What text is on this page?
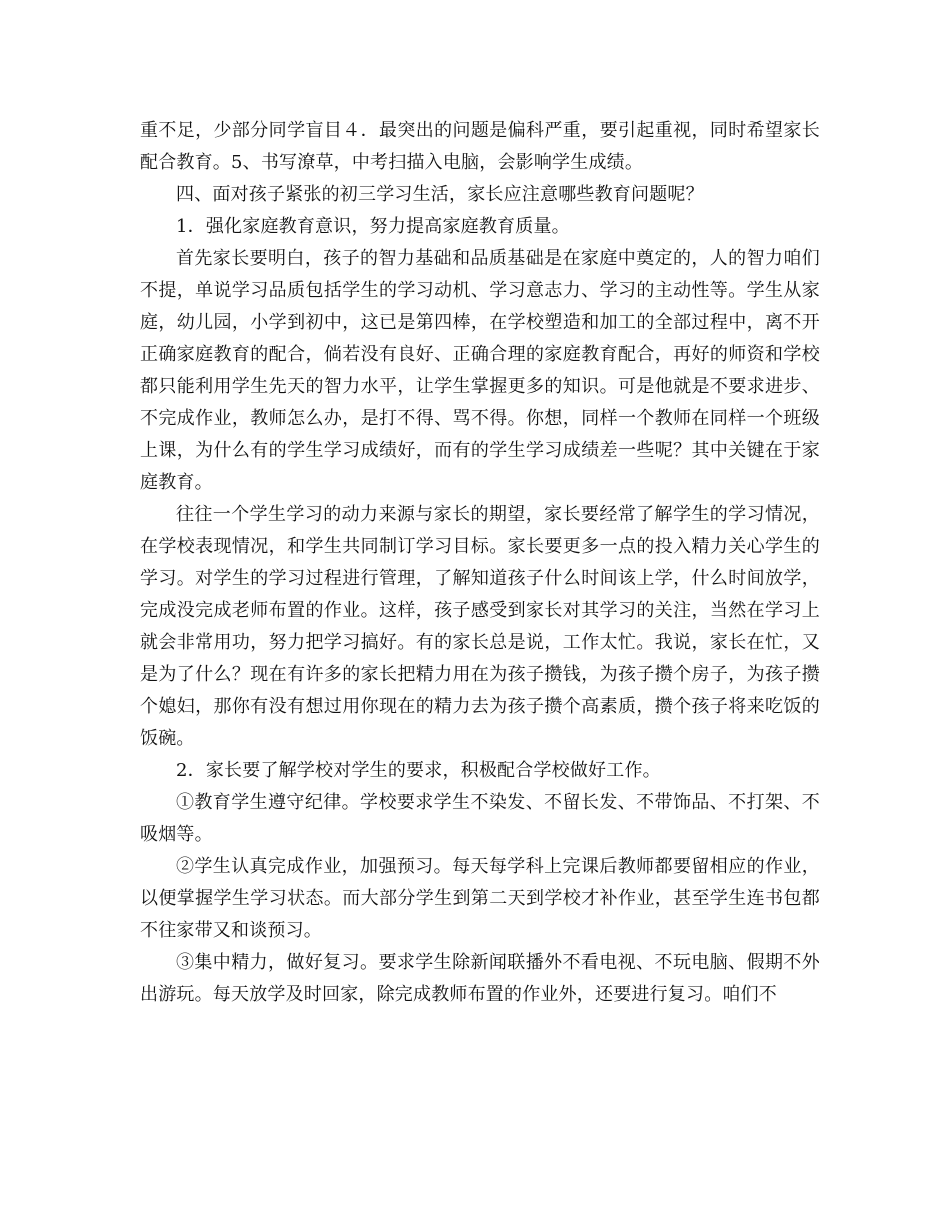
重不足，少部分同学盲目４．最突出的问题是偏科严重，要引起重视，同时希望家长配合教育。5、书写潦草，中考扫描入电脑，会影响学生成绩。

四、面对孩子紧张的初三学习生活，家长应注意哪些教育问题呢？

1．强化家庭教育意识，努力提高家庭教育质量。

首先家长要明白，孩子的智力基础和品质基础是在家庭中奠定的，人的智力咱们不提，单说学习品质包括学生的学习动机、学习意志力、学习的主动性等。学生从家庭，幼儿园，小学到初中，这已是第四棒，在学校塑造和加工的全部过程中，离不开正确家庭教育的配合，倘若没有良好、正确合理的家庭教育配合，再好的师资和学校都只能利用学生先天的智力水平，让学生掌握更多的知识。可是他就是不要求进步、不完成作业，教师怎么办，是打不得、骂不得。你想，同样一个教师在同样一个班级上课，为什么有的学生学习成绩好，而有的学生学习成绩差一些呢？其中关键在于家庭教育。

往往一个学生学习的动力来源与家长的期望，家长要经常了解学生的学习情况，在学校表现情况，和学生共同制订学习目标。家长要更多一点的投入精力关心学生的学习。对学生的学习过程进行管理，了解知道孩子什么时间该上学，什么时间放学，完成没完成老师布置的作业。这样，孩子感受到家长对其学习的关注，当然在学习上就会非常用功，努力把学习搞好。有的家长总是说，工作太忙。我说，家长在忙，又是为了什么？现在有许多的家长把精力用在为孩子攒钱，为孩子攒个房子，为孩子攒个媳妇，那你有没有想过用你现在的精力去为孩子攒个高素质，攒个孩子将来吃饭的饭碗。

2．家长要了解学校对学生的要求，积极配合学校做好工作。

①教育学生遵守纪律。学校要求学生不染发、不留长发、不带饰品、不打架、不吸烟等。

②学生认真完成作业，加强预习。每天每学科上完课后教师都要留相应的作业，以便掌握学生学习状态。而大部分学生到第二天到学校才补作业，甚至学生连书包都不往家带又和谈预习。

③集中精力，做好复习。要求学生除新闻联播外不看电视、不玩电脑、假期不外出游玩。每天放学及时回家，除完成教师布置的作业外，还要进行复习。咱们不
